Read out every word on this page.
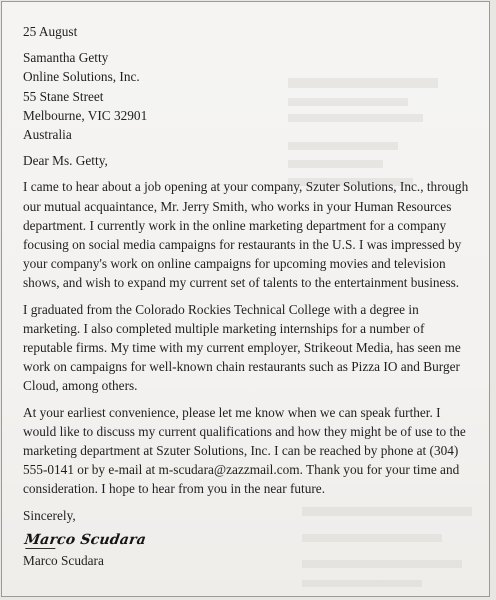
25 August
Samantha Getty
Online Solutions, Inc.
55 Stane Street
Melbourne, VIC 32901
Australia
Dear Ms. Getty,
I came to hear about a job opening at your company, Szuter Solutions, Inc., through
our mutual acquaintance, Mr. Jerry Smith, who works in your Human Resources
department. I currently work in the online marketing department for a company
focusing on social media campaigns for restaurants in the U.S. I was impressed by
your company's work on online campaigns for upcoming movies and television
shows, and wish to expand my current set of talents to the entertainment business.
I graduated from the Colorado Rockies Technical College with a degree in
marketing. I also completed multiple marketing internships for a number of
reputable firms. My time with my current employer, Strikeout Media, has seen me
work on campaigns for well-known chain restaurants such as Pizza IO and Burger
Cloud, among others.
At your earliest convenience, please let me know when we can speak further. I
would like to discuss my current qualifications and how they might be of use to the
marketing department at Szuter Solutions, Inc. I can be reached by phone at (304)
555-0141 or by e-mail at m-scudara@zazzmail.com. Thank you for your time and
consideration. I hope to hear from you in the near future.
Sincerely,
Marco Scudara
Marco Scudara
